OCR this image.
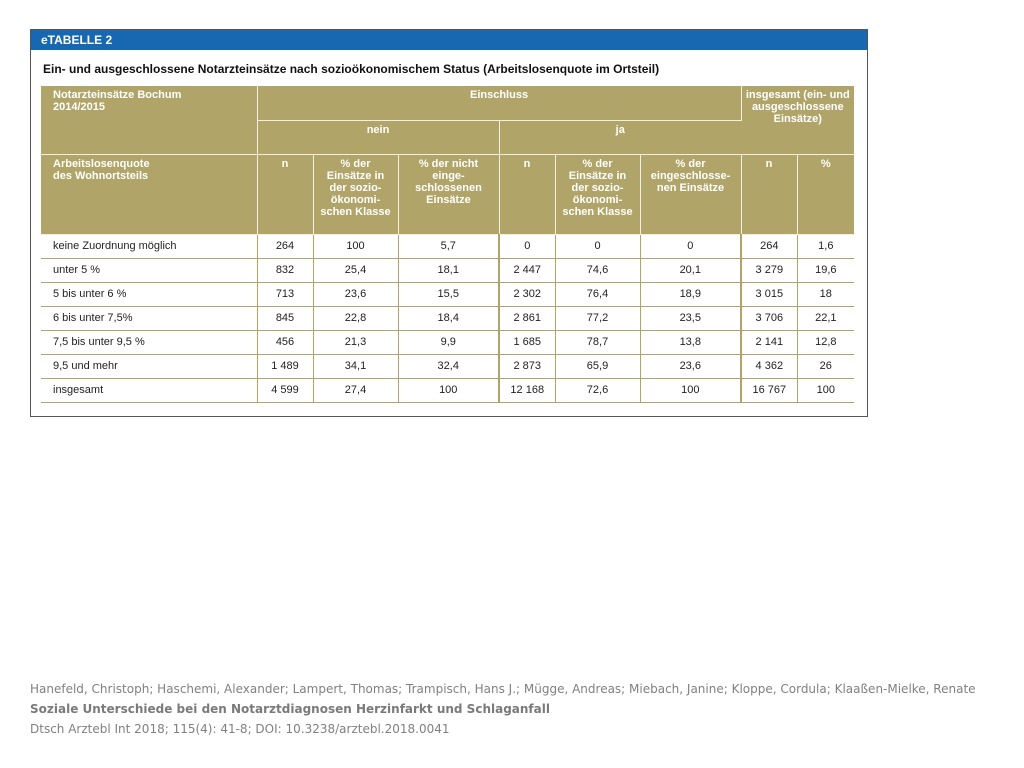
eTABELLE 2
Ein- und ausgeschlossene Notarzteinsätze nach sozioökonomischem Status (Arbeitslosenquote im Ortsteil)
Notarzteinsätze Bochum 2014/2015	Einschluss						insgesamt (ein- und ausgeschlossene Einsätze)	
	nein			ja				

Arbeitslosenquote des Wohnortsteils	n	% der Einsätze in der sozio-ökonomi-schen Klasse	% der nicht einge-schlossenen Einsätze	n	% der Einsätze in der sozio-ökonomi-schen Klasse	% der eingeschlosse-nen Einsätze	n	%
keine Zuordnung möglich	264	100	5,7	0	0	0	264	1,6
unter 5 %	832	25,4	18,1	2 447	74,6	20,1	3 279	19,6
5 bis unter 6 %	713	23,6	15,5	2 302	76,4	18,9	3 015	18
6 bis unter 7,5%	845	22,8	18,4	2 861	77,2	23,5	3 706	22,1
7,5 bis unter 9,5 %	456	21,3	9,9	1 685	78,7	13,8	2 141	12,8
9,5 und mehr	1 489	34,1	32,4	2 873	65,9	23,6	4 362	26
insgesamt	4 599	27,4	100	12 168	72,6	100	16 767	100
Hanefeld, Christoph; Haschemi, Alexander; Lampert, Thomas; Trampisch, Hans J.; Mügge, Andreas; Miebach, Janine; Kloppe, Cordula; Klaaßen-Mielke, Renate
Soziale Unterschiede bei den Notarztdiagnosen Herzinfarkt und Schlaganfall
Dtsch Arztebl Int 2018; 115(4): 41-8; DOI: 10.3238/arztebl.2018.0041
